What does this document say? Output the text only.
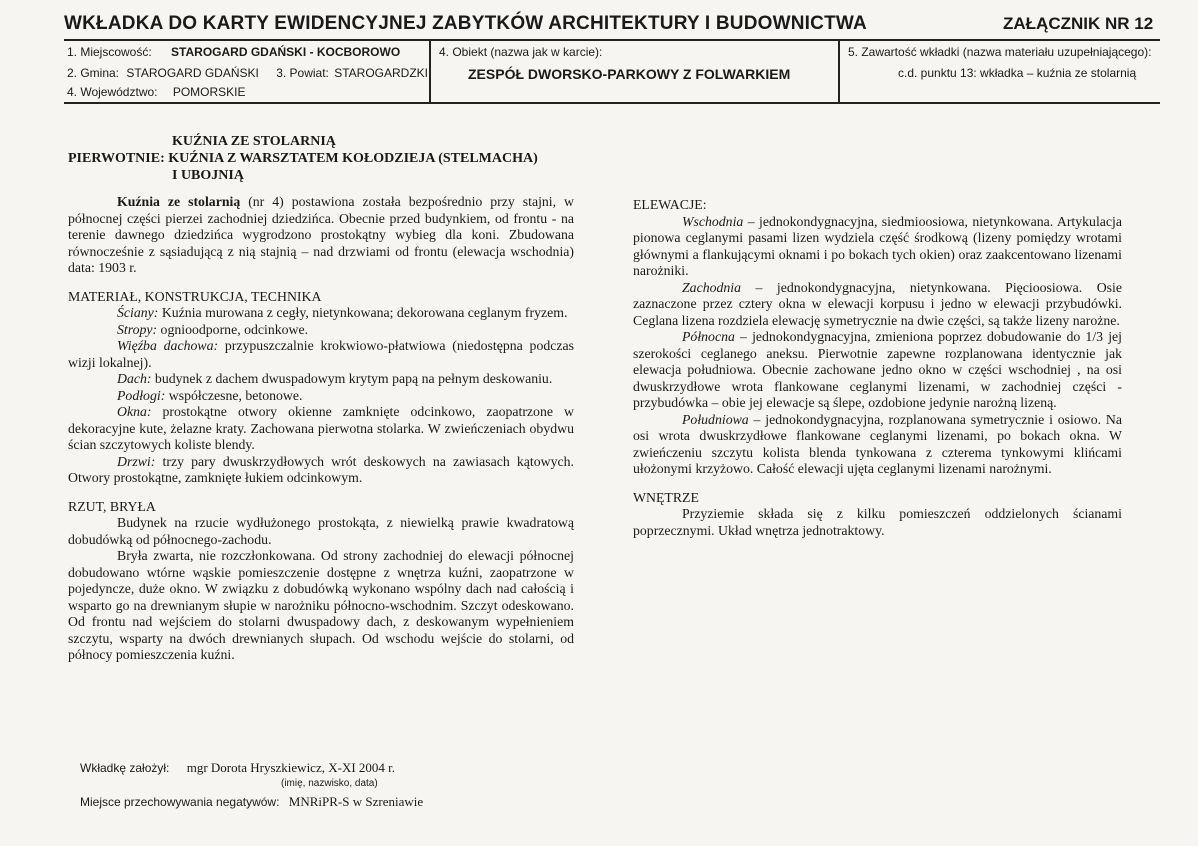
WKŁADKA DO KARTY EWIDENCYJNEJ ZABYTKÓW ARCHITEKTURY I BUDOWNICTWA	ZAŁĄCZNIK NR 12
1. Miejscowość: STAROGARD GDAŃSKI - KOCBOROWO
2. Gmina: STAROGARD GDAŃSKI 3. Powiat: STAROGARDZKI
4. Województwo: POMORSKIE
4. Obiekt (nazwa jak w karcie):
ZESPÓŁ DWORSKO-PARKOWY Z FOLWARKIEM
5. Zawartość wkładki (nazwa materiału uzupełniającego):
c.d. punktu 13: wkładka – kuźnia ze stolarnią
KUŹNIA ZE STOLARNIĄ
PIERWOTNIE: KUŹNIA Z WARSZTATEM KOŁODZIEJA (STELMACHA)
I UBOJNIĄ

Kuźnia ze stolarnią (nr 4) postawiona została bezpośrednio przy stajni, w północnej części pierzei zachodniej dziedzińca. Obecnie przed budynkiem, od frontu - na terenie dawnego dziedzińca wygrodzono prostokątny wybieg dla koni. Zbudowana równocześnie z sąsiadującą z nią stajnią – nad drzwiami od frontu (elewacja wschodnia) data: 1903 r.

MATERIAŁ, KONSTRUKCJA, TECHNIKA

Ściany: Kuźnia murowana z cegły, nietynkowana; dekorowana ceglanym fryzem.

Stropy: ognioodporne, odcinkowe.

Więźba dachowa: przypuszczalnie krokwiowo-płatwiowa (niedostępna podczas wizji lokalnej).

Dach: budynek z dachem dwuspadowym krytym papą na pełnym deskowaniu.

Podłogi: współczesne, betonowe.

Okna: prostokątne otwory okienne zamknięte odcinkowo, zaopatrzone w dekoracyjne kute, żelazne kraty. Zachowana pierwotna stolarka. W zwieńczeniach obydwu ścian szczytowych koliste blendy.

Drzwi: trzy pary dwuskrzydłowych wrót deskowych na zawiasach kątowych. Otwory prostokątne, zamknięte łukiem odcinkowym.

RZUT, BRYŁA

Budynek na rzucie wydłużonego prostokąta, z niewielką prawie kwadratową dobudówką od północnego-zachodu.

Bryła zwarta, nie rozczłonkowana. Od strony zachodniej do elewacji północnej dobudowano wtórne wąskie pomieszczenie dostępne z wnętrza kuźni, zaopatrzone w pojedyncze, duże okno. W związku z dobudówką wykonano wspólny dach nad całością i wsparto go na drewnianym słupie w narożniku północno-wschodnim. Szczyt odeskowano. Od frontu nad wejściem do stolarni dwuspadowy dach, z deskowanym wypełnieniem szczytu, wsparty na dwóch drewnianych słupach. Od wschodu wejście do stolarni, od północy pomieszczenia kuźni.

ELEWACJE:

Wschodnia – jednokondygnacyjna, siedmioosiowa, nietynkowana. Artykulacja pionowa ceglanymi pasami lizen wydziela część środkową (lizeny pomiędzy wrotami głównymi a flankującymi oknami i po bokach tych okien) oraz zaakcentowano lizenami narożniki.

Zachodnia – jednokondygnacyjna, nietynkowana. Pięcioosiowa. Osie zaznaczone przez cztery okna w elewacji korpusu i jedno w elewacji przybudówki. Ceglana lizena rozdziela elewację symetrycznie na dwie części, są także lizeny narożne.

Północna – jednokondygnacyjna, zmieniona poprzez dobudowanie do 1/3 jej szerokości ceglanego aneksu. Pierwotnie zapewne rozplanowana identycznie jak elewacja południowa. Obecnie zachowane jedno okno w części wschodniej , na osi dwuskrzydłowe wrota flankowane ceglanymi lizenami, w zachodniej części - przybudówka – obie jej elewacje są ślepe, ozdobione jedynie narożną lizeną.

Południowa – jednokondygnacyjna, rozplanowana symetrycznie i osiowo. Na osi wrota dwuskrzydłowe flankowane ceglanymi lizenami, po bokach okna. W zwieńczeniu szczytu kolista blenda tynkowana z czterema tynkowymi klińcami ułożonymi krzyżowo. Całość elewacji ujęta ceglanymi lizenami narożnymi.

WNĘTRZE

Przyziemie składa się z kilku pomieszczeń oddzielonych ścianami poprzecznymi. Układ wnętrza jednotraktowy.

Wkładkę założył: mgr Dorota Hryszkiewicz, X-XI 2004 r.
(imię, nazwisko, data)
Miejsce przechowywania negatywów: MNRiPR-S w Szreniawie
